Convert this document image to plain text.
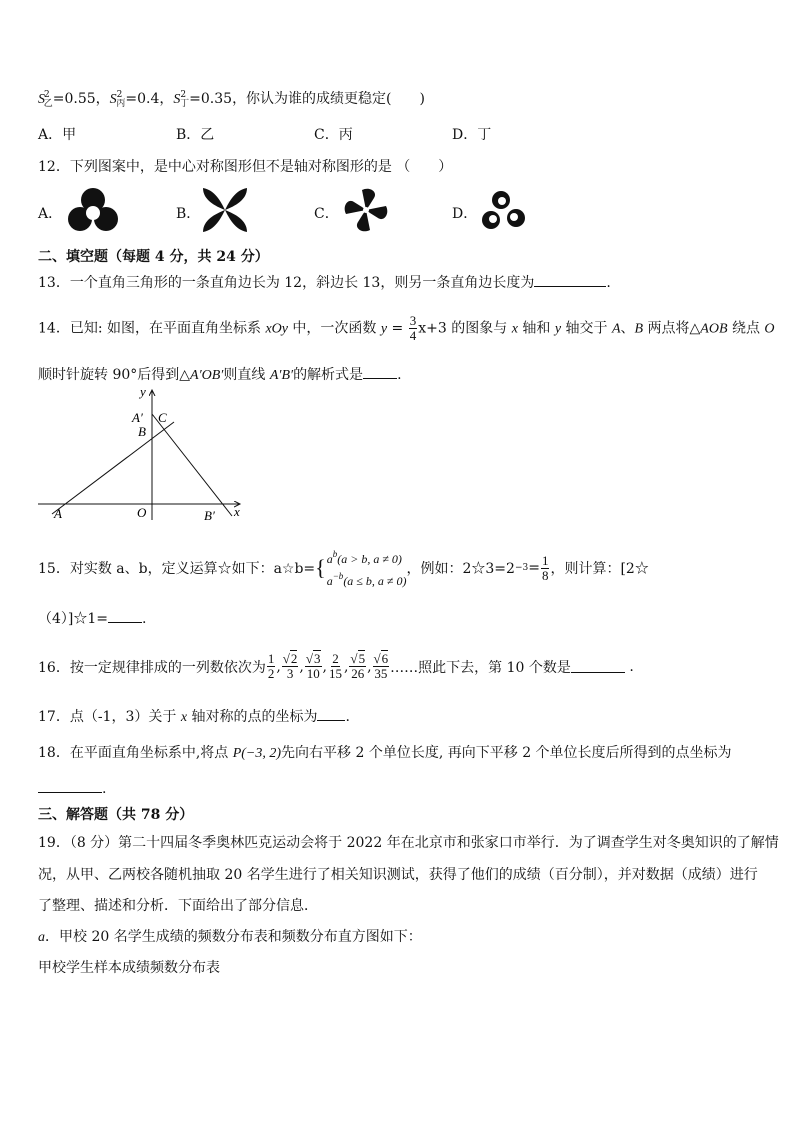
$S^2_乙=0.55$，$S^2_丙=0.4$，$S^2_丁=0.35$，你认为谁的成绩更稳定(　　)
A．甲	B．乙	C．丙	D．丁
12．下列图案中，是中心对称图形但不是轴对称图形的是 （　　）
A．	B．	C．	D．
二、填空题（每题 4 分，共 24 分）
13．一个直角三角形的一条直角边长为 12，斜边长 13，则另一条直角边长度为	.
14．已知: 如图，在平面直角坐标系 xOy 中，一次函数 $y = \frac{3}{4} x+3$ 的图象与 x 轴和 y 轴交于 A、B 两点将△AOB 绕点 O
顺时针旋转 90°后得到△A′OB′则直线 A′B′的解析式是 .
y
x
A′ C
B
A	O	B′
15．对实数 a、b，定义运算☆如下：a☆b= { $a^b(a > b$, a ≠ 0)
$a^{-b}(a \le b$, a ≠ 0)
，例如：2☆3=2 $-3 = \frac{1}{8}$ ，则计算：[2☆
（4）]☆1= .
16．按一定规律排成的一列数依次为 $\frac{1}{2}$ , $\frac{√2}{3}$ , $\frac{√3}{10}$ , $\frac{2}{15}$ , $\frac{√5}{26}$ , $\frac{√6}{35}$ ……照此下去，第 10 个数是
	.
17．点（-1，3）关于 x 轴对称的点的坐标为 .
18．在平面直角坐标系中,将点 P(−3, 2)先向右平移 2 个单位长度, 再向下平移 2 个单位长度后所得到的点坐标为
.
三、解答题（共 78 分）
19．（8 分）第二十四届冬季奥林匹克运动会将于 2022 年在北京市和张家口市举行．为了调查学生对冬奥知识的了解情
况，从甲、乙两校各随机抽取 20 名学生进行了相关知识测试，获得了他们的成绩（百分制），并对数据（成绩）进行
了整理、描述和分析．下面给出了部分信息．
a．甲校 20 名学生成绩的频数分布表和频数分布直方图如下：
甲校学生样本成绩频数分布表
